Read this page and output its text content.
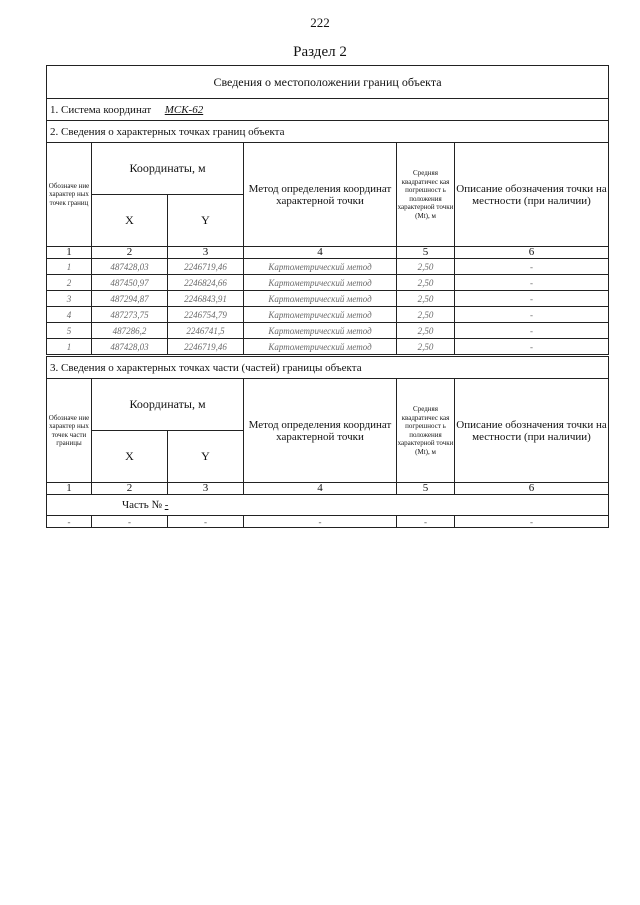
222
Раздел 2
Сведения о местоположении границ объекта					
1. Система координат МСК-62					
2. Сведения о характерных точках границ объекта					
Обозначе ние характер ных точек границ	Координаты, м		Метод определения координат характерной точки	Средняя квадратичес кая погрешност ь положения характерной точки (Mt), м	Описание обозначения точки на местности (при наличии)
	X	Y			
1	2	3	4	5	6
1	487428,03	2246719,46	Картометрический метод	2,50	-
2	487450,97	2246824,66	Картометрический метод	2,50	-
3	487294,87	2246843,91	Картометрический метод	2,50	-
4	487273,75	2246754,79	Картометрический метод	2,50	-
5	487286,2	2246741,5	Картометрический метод	2,50	-
1	487428,03	2246719,46	Картометрический метод	2,50	-
3. Сведения о характерных точках части (частей) границы объекта					
Обозначе ние характер ных точек части границы	Координаты, м		Метод определения координат характерной точки	Средняя квадратичес кая погрешност ь положения характерной точки (Mt), м	Описание обозначения точки на местности (при наличии)
	X	Y			
1	2	3	4	5	6
Часть № -					
-	-	-	-	-	-
